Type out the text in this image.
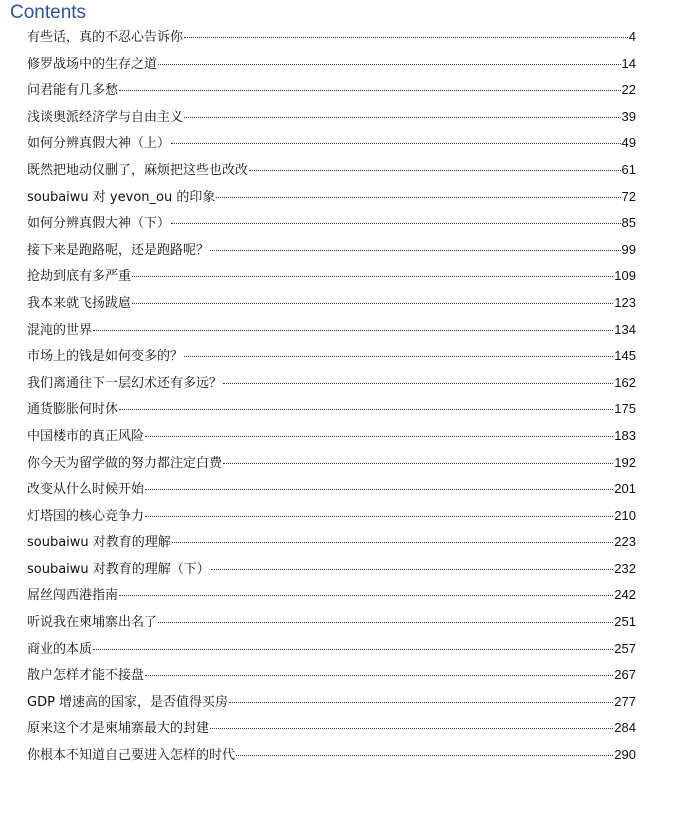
Contents
有些话，真的不忍心告诉你	4
修罗战场中的生存之道	14
问君能有几多愁	22
浅谈奥派经济学与自由主义	39
如何分辨真假大神（上）	49
既然把地动仪删了，麻烦把这些也改改	61
soubaiwu 对 yevon_ou 的印象	72
如何分辨真假大神（下）	85
接下来是跑路呢，还是跑路呢？	99
抢劫到底有多严重	109
我本来就飞扬跋扈	123
混沌的世界	134
市场上的钱是如何变多的？	145
我们离通往下一层幻术还有多远？	162
通货膨胀何时休	175
中国楼市的真正风险	183
你今天为留学做的努力都注定白费	192
改变从什么时候开始	201
灯塔国的核心竞争力	210
soubaiwu 对教育的理解	223
soubaiwu 对教育的理解（下）	232
屌丝闯西港指南	242
听说我在柬埔寨出名了	251
商业的本质	257
散户怎样才能不接盘	267
GDP 增速高的国家，是否值得买房	277
原来这个才是柬埔寨最大的封建	284
你根本不知道自己要进入怎样的时代	290
